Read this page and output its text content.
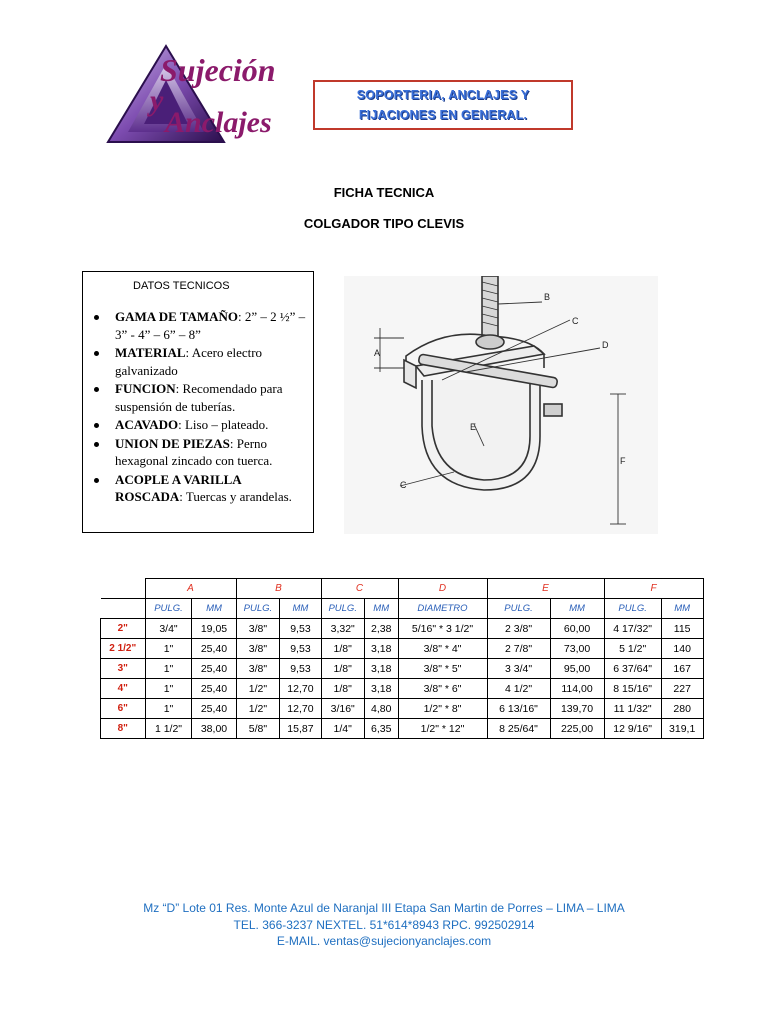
Sujeción
y
Anclajes
SOPORTERIA, ANCLAJES Y
FIJACIONES EN GENERAL.
FICHA TECNICA
COLGADOR TIPO CLEVIS
DATOS TECNICOS
GAMA DE TAMAÑO: 2” – 2 ½” – 3” - 4” – 6” – 8”
MATERIAL: Acero electro galvanizado
FUNCION: Recomendado para suspensión de tuberías.
ACAVADO: Liso – plateado.
UNION DE PIEZAS: Perno hexagonal zincado con tuerca.
ACOPLE A VARILLA ROSCADA: Tuercas y arandelas.
A
B
C
D
E
F
C
	A		B		C		D	E		F	
	PULG.	MM	PULG.	MM	PULG.	MM	DIAMETRO	PULG.	MM	PULG.	MM
2"	3/4"	19,05	3/8"	9,53	3,32"	2,38	5/16" * 3 1/2"	2 3/8"	60,00	4 17/32"	115
2 1/2"	1"	25,40	3/8"	9,53	1/8"	3,18	3/8" * 4"	2 7/8"	73,00	5 1/2"	140
3"	1"	25,40	3/8"	9,53	1/8"	3,18	3/8" * 5"	3 3/4"	95,00	6 37/64"	167
4"	1"	25,40	1/2"	12,70	1/8"	3,18	3/8" * 6"	4 1/2"	114,00	8 15/16"	227
6"	1"	25,40	1/2"	12,70	3/16"	4,80	1/2" * 8"	6 13/16"	139,70	11 1/32"	280
8"	1 1/2"	38,00	5/8"	15,87	1/4"	6,35	1/2" * 12"	8 25/64"	225,00	12 9/16"	319,1
Mz “D” Lote 01 Res. Monte Azul de Naranjal III Etapa San Martin de Porres – LIMA – LIMA
TEL. 366-3237 NEXTEL. 51*614*8943 RPC. 992502914
E-MAIL. ventas@sujecionyanclajes.com
